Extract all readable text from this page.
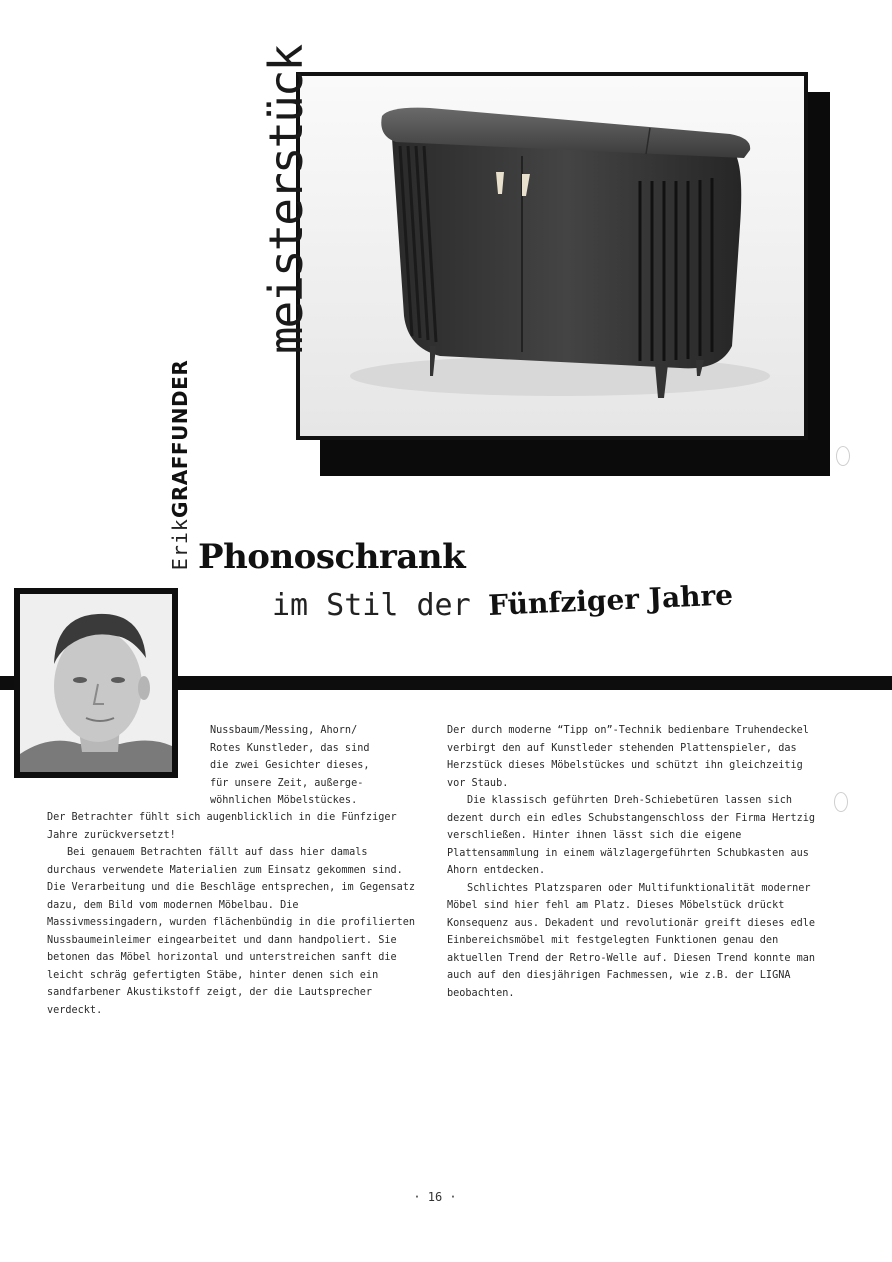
meisterstück
ErikGRAFFUNDER
Phonoschrank
im Stil der Fünfziger Jahre

Nussbaum/Messing, Ahorn/

Rotes Kunstleder, das sind

die zwei Gesichter dieses,

für unsere Zeit, außerge-

wöhnlichen Möbelstückes.

Der Betrachter fühlt sich augenblicklich in die Fünfziger Jahre zurückversetzt!

Bei genauem Betrachten fällt auf dass hier damals durchaus verwendete Materialien zum Einsatz gekommen sind. Die Verarbeitung und die Beschläge entsprechen, im Gegensatz dazu, dem Bild vom modernen Möbelbau. Die Massivmessingadern, wurden flächenbündig in die profilierten Nussbaumeinleimer eingearbeitet und dann handpoliert. Sie betonen das Möbel horizontal und unterstreichen sanft die leicht schräg gefertigten Stäbe, hinter denen sich ein sandfarbener Akustikstoff zeigt, der die Lautsprecher verdeckt.

Der durch moderne “Tipp on”-Technik bedienbare Truhendeckel verbirgt den auf Kunstleder stehenden Plattenspieler, das Herzstück dieses Möbelstückes und schützt ihn gleichzeitig vor Staub.

Die klassisch geführten Dreh-Schiebetüren lassen sich dezent durch ein edles Schubstangenschloss der Firma Hertzig verschließen. Hinter ihnen lässt sich die eigene Plattensammlung in einem wälzlagergeführten Schubkasten aus Ahorn entdecken.

Schlichtes Platzsparen oder Multifunktionalität moderner Möbel sind hier fehl am Platz. Dieses Möbelstück drückt Konsequenz aus. Dekadent und revolutionär greift dieses edle Einbereichsmöbel mit festgelegten Funktionen genau den aktuellen Trend der Retro-Welle auf. Diesen Trend konnte man auch auf den diesjährigen Fachmessen, wie z.B. der LIGNA beobachten.

· 16 ·
